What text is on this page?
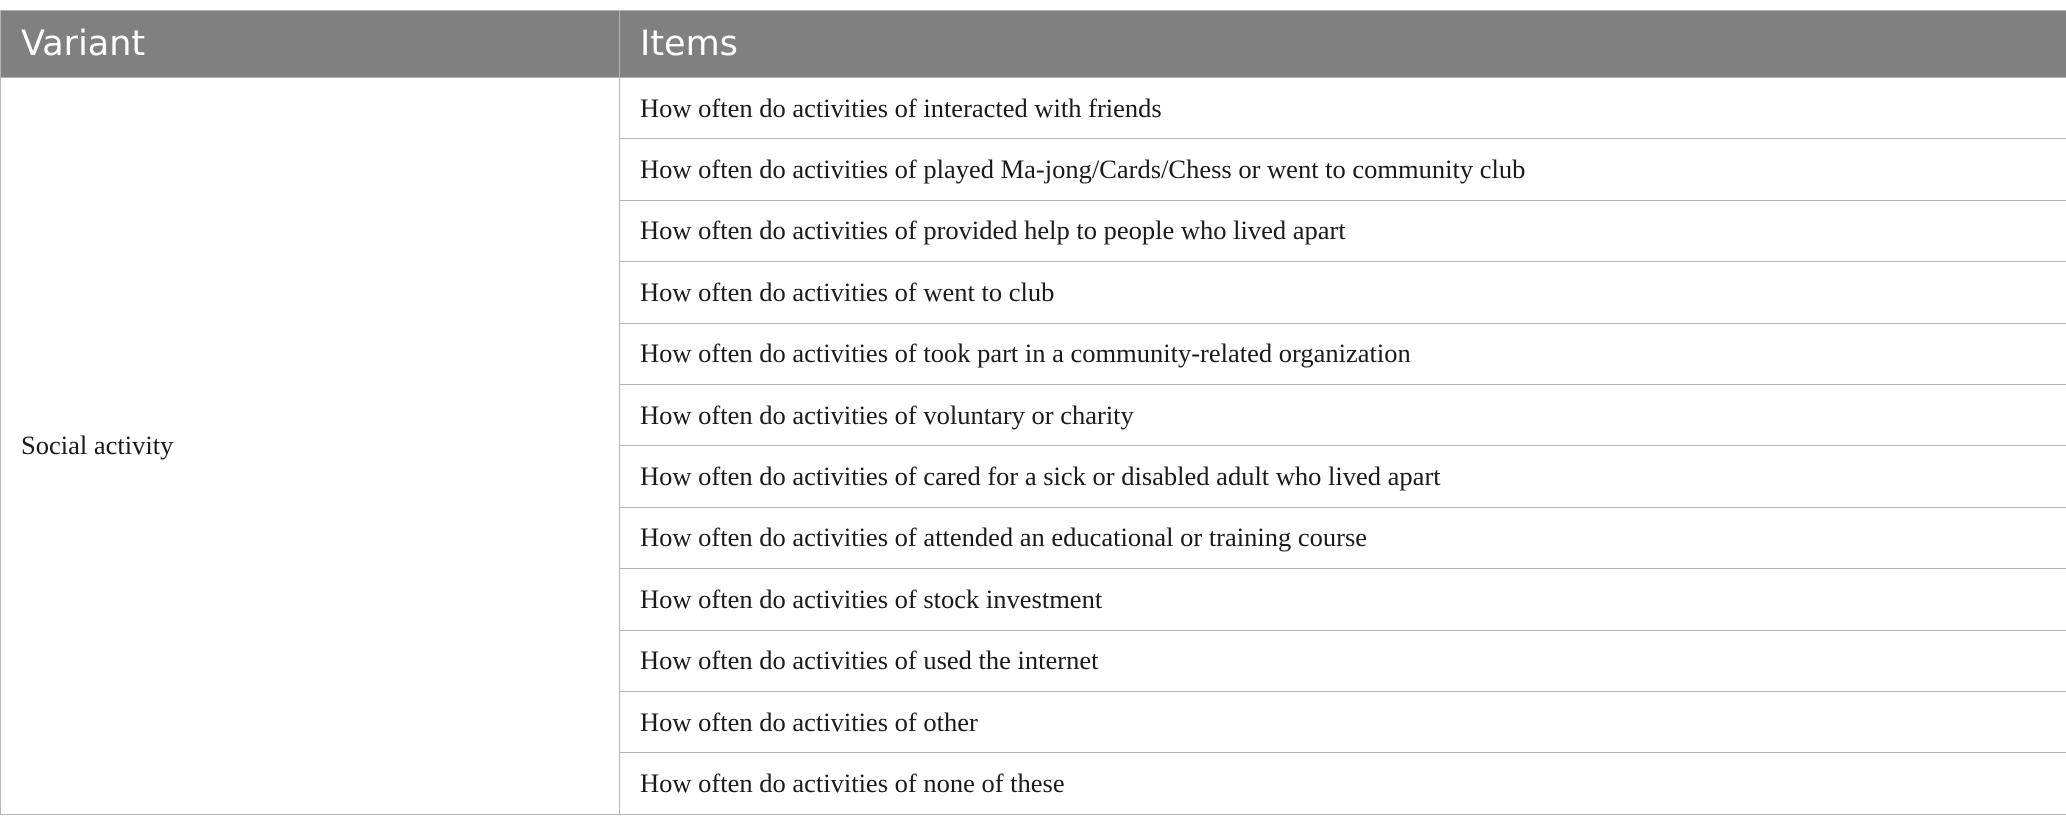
Variant	Items
Social activity	How often do activities of interacted with friends
	How often do activities of played Ma-jong/Cards/Chess or went to community club
	How often do activities of provided help to people who lived apart
	How often do activities of went to club
	How often do activities of took part in a community-related organization
	How often do activities of voluntary or charity
	How often do activities of cared for a sick or disabled adult who lived apart
	How often do activities of attended an educational or training course
	How often do activities of stock investment
	How often do activities of used the internet
	How often do activities of other
	How often do activities of none of these
